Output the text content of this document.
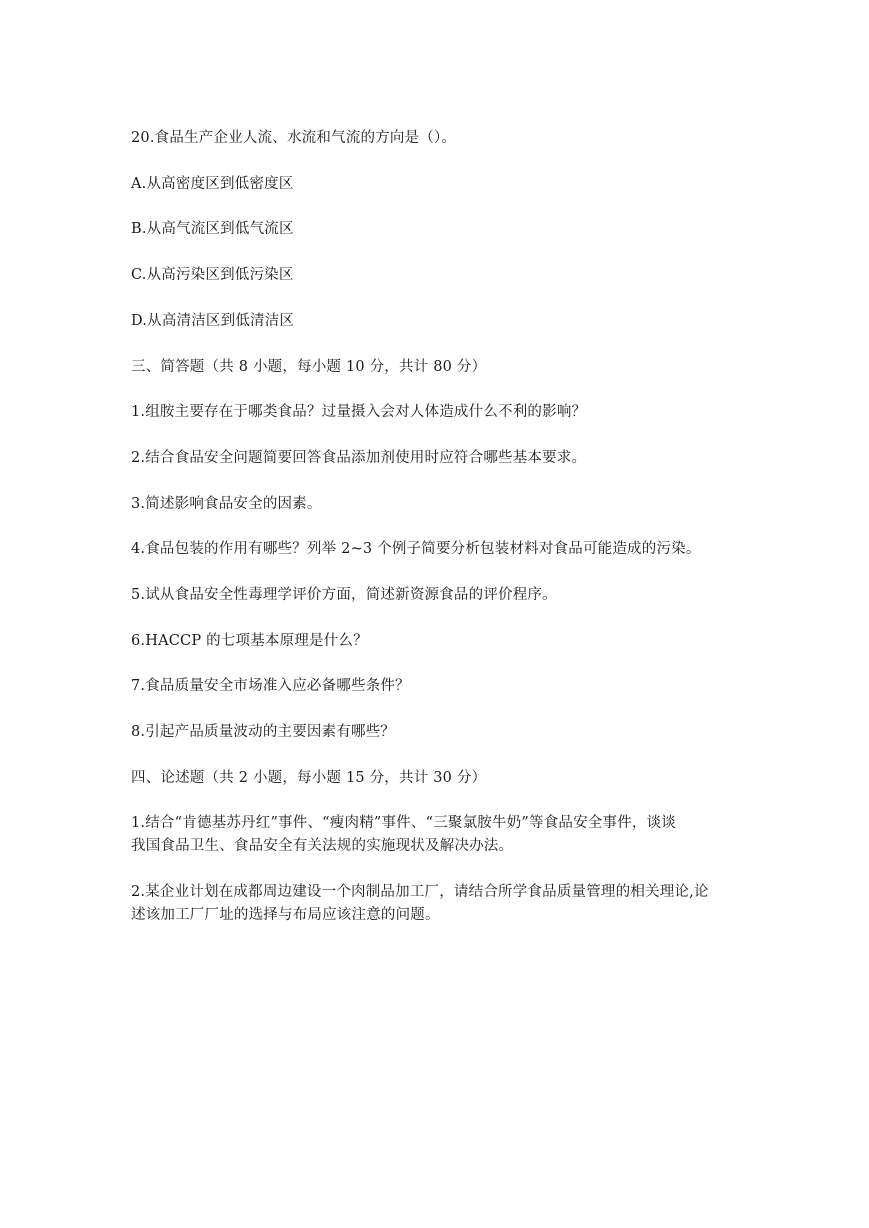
20.食品生产企业人流、水流和气流的方向是（）。
A.从高密度区到低密度区
B.从高气流区到低气流区
C.从高污染区到低污染区
D.从高清洁区到低清洁区
三、简答题（共 8 小题，每小题 10 分，共计 80 分）
1.组胺主要存在于哪类食品？过量摄入会对人体造成什么不利的影响？
2.结合食品安全问题简要回答食品添加剂使用时应符合哪些基本要求。
3.简述影响食品安全的因素。
4.食品包装的作用有哪些？列举 2~3 个例子简要分析包装材料对食品可能造成的污染。
5.试从食品安全性毒理学评价方面，简述新资源食品的评价程序。
6.HACCP 的七项基本原理是什么？
7.食品质量安全市场准入应必备哪些条件？
8.引起产品质量波动的主要因素有哪些？
四、论述题（共 2 小题，每小题 15 分，共计 30 分）
1.结合“肯德基苏丹红”事件、“瘦肉精”事件、“三聚氯胺牛奶”等食品安全事件，谈谈
我国食品卫生、食品安全有关法规的实施现状及解决办法。
2.某企业计划在成都周边建设一个肉制品加工厂，请结合所学食品质量管理的相关理论,论
述该加工厂厂址的选择与布局应该注意的问题。
